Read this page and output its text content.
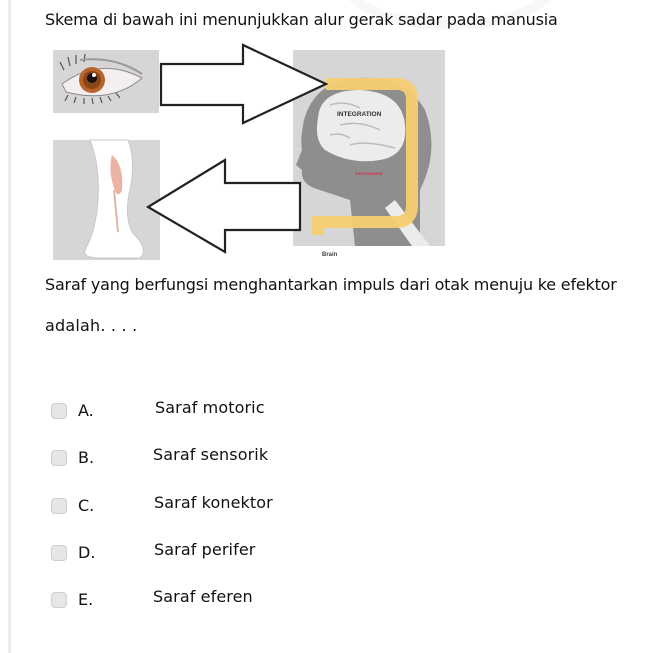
Skema di bawah ini menunjukkan alur gerak sadar pada manusia
INTEGRATION
interneurons
Brain
Saraf yang berfungsi menghantarkan impuls dari otak menuju ke efektor
adalah. . . .
A.	Saraf motoric
B.	Saraf sensorik
C.	Saraf konektor
D.	Saraf perifer
E.	Saraf eferen
